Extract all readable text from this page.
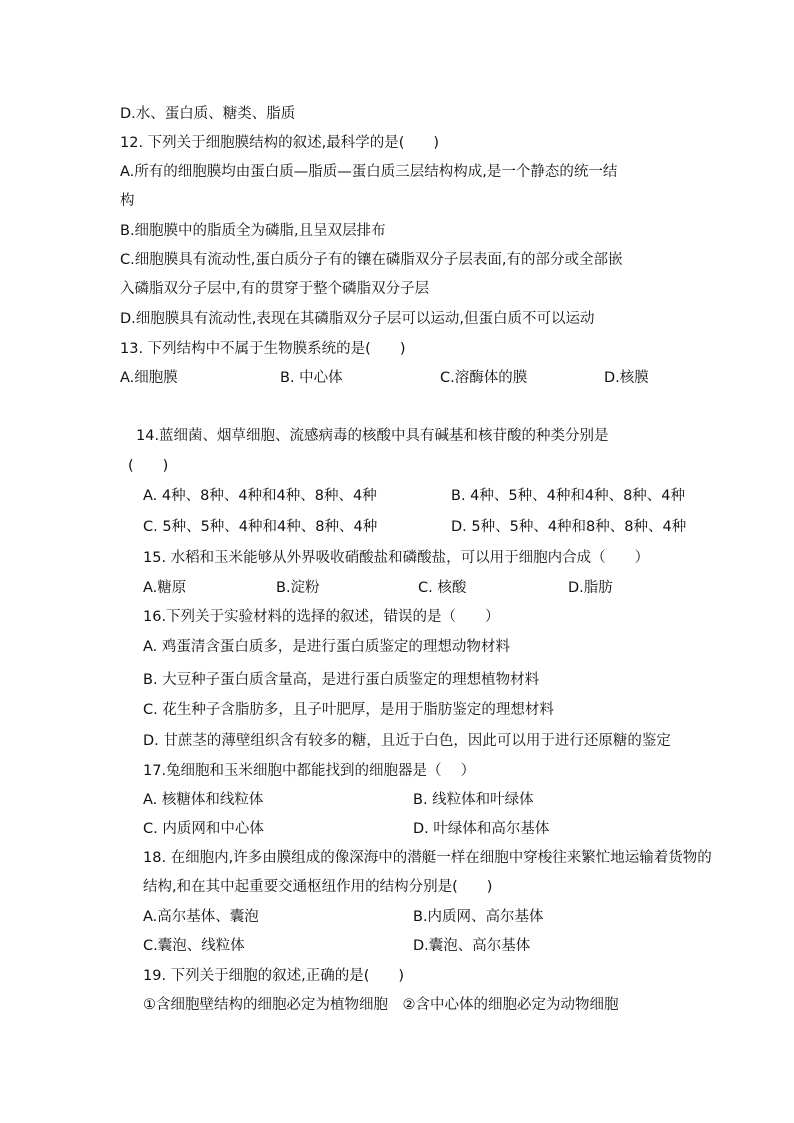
D.水、蛋白质、糖类、脂质
12. 下列关于细胞膜结构的叙述,最科学的是(　　)
A.所有的细胞膜均由蛋白质—脂质—蛋白质三层结构构成,是一个静态的统一结
构
B.细胞膜中的脂质全为磷脂,且呈双层排布
C.细胞膜具有流动性,蛋白质分子有的镶在磷脂双分子层表面,有的部分或全部嵌
入磷脂双分子层中,有的贯穿于整个磷脂双分子层
D.细胞膜具有流动性,表现在其磷脂双分子层可以运动,但蛋白质不可以运动
13. 下列结构中不属于生物膜系统的是(　　)
A.细胞膜	B. 中心体	C.溶酶体的膜	D.核膜
14.蓝细菌、烟草细胞、流感病毒的核酸中具有碱基和核苷酸的种类分别是
(　　)
A. 4种、8种、4种和4种、8种、4种	B. 4种、5种、4种和4种、8种、4种
C. 5种、5种、4种和4种、8种、4种	D. 5种、5种、4种和8种、8种、4种
15. 水稻和玉米能够从外界吸收硝酸盐和磷酸盐，可以用于细胞内合成（　　）
A.糖原	B.淀粉	C. 核酸	D.脂肪
16.下列关于实验材料的选择的叙述，错误的是（　　）
A. 鸡蛋清含蛋白质多，是进行蛋白质鉴定的理想动物材料
B. 大豆种子蛋白质含量高，是进行蛋白质鉴定的理想植物材料
C. 花生种子含脂肪多，且子叶肥厚，是用于脂肪鉴定的理想材料
D. 甘蔗茎的薄壁组织含有较多的糖，且近于白色，因此可以用于进行还原糖的鉴定
17.兔细胞和玉米细胞中都能找到的细胞器是（　 ）
A. 核糖体和线粒体	B. 线粒体和叶绿体
C. 内质网和中心体	D. 叶绿体和高尔基体
18. 在细胞内,许多由膜组成的像深海中的潜艇一样在细胞中穿梭往来繁忙地运输着货物的
结构,和在其中起重要交通枢纽作用的结构分别是(　　)
A.高尔基体、囊泡	B.内质网、高尔基体
C.囊泡、线粒体	D.囊泡、高尔基体
19. 下列关于细胞的叙述,正确的是(　　)
①含细胞壁结构的细胞必定为植物细胞　②含中心体的细胞必定为动物细胞
